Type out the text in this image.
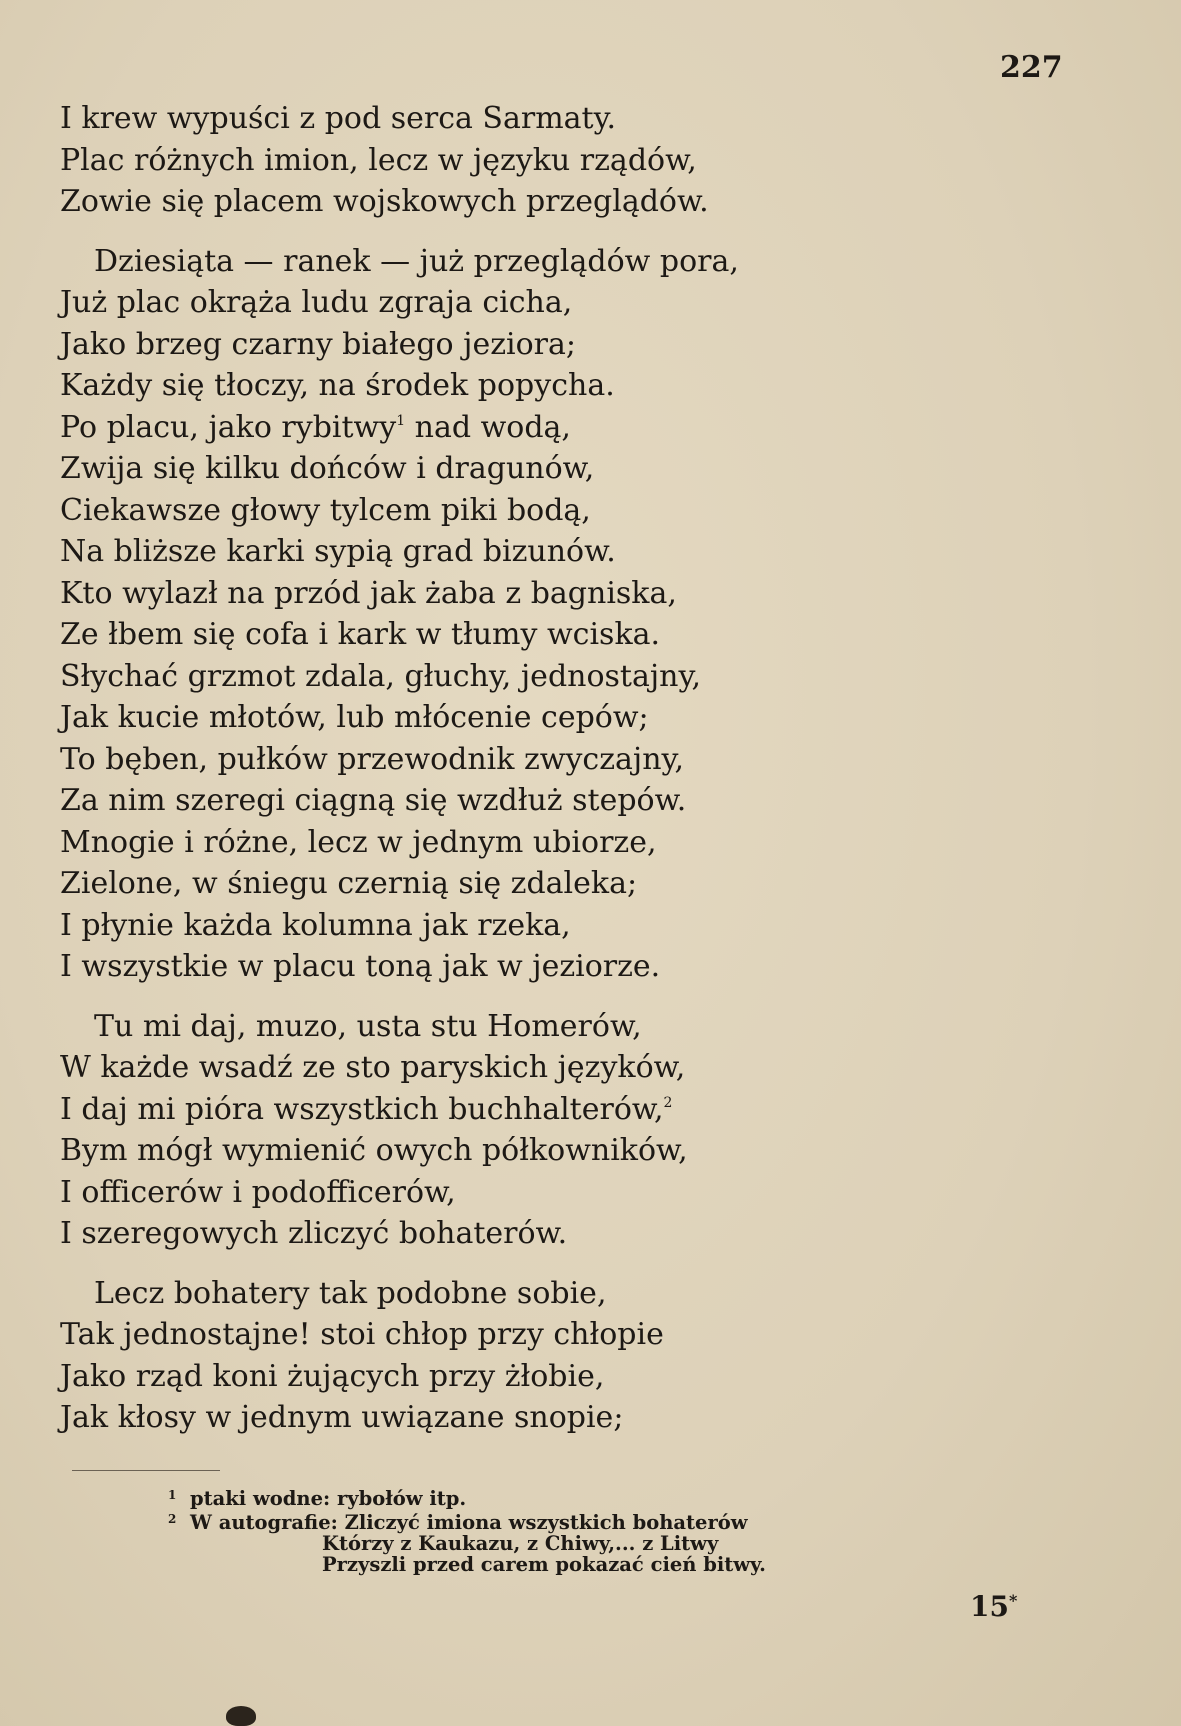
227
I krew wypuści z pod serca Sarmaty.
Plac różnych imion, lecz w języku rządów,
Zowie się placem wojskowych przeglądów.
Dziesiąta — ranek — już przeglądów pora,
Już plac okrąża ludu zgraja cicha,
Jako brzeg czarny białego jeziora;
Każdy się tłoczy, na środek popycha.
Po placu, jako rybitwy$^1$ nad wodą,
Zwija się kilku dońców i dragunów,
Ciekawsze głowy tylcem piki bodą,
Na bliższe karki sypią grad bizunów.
Kto wylazł na przód jak żaba z bagniska,
Ze łbem się cofa i kark w tłumy wciska.
Słychać grzmot zdala, głuchy, jednostajny,
Jak kucie młotów, lub młócenie cepów;
To bęben, pułków przewodnik zwyczajny,
Za nim szeregi ciągną się wzdłuż stepów.
Mnogie i różne, lecz w jednym ubiorze,
Zielone, w śniegu czernią się zdaleka;
I płynie każda kolumna jak rzeka,
I wszystkie w placu toną jak w jeziorze.
Tu mi daj, muzo, usta stu Homerów,
W każde wsadź ze sto paryskich języków,
I daj mi pióra wszystkich buchhalterów,$^2$
Bym mógł wymienić owych półkowników,
I officerów i podofficerów,
I szeregowych zliczyć bohaterów.
Lecz bohatery tak podobne sobie,
Tak jednostajne! stoi chłop przy chłopie
Jako rząd koni żujących przy żłobie,
Jak kłosy w jednym uwiązane snopie;
1 ptaki wodne: rybołów itp.
2 W autografie: Zliczyć imiona wszystkich bohaterów
Którzy z Kaukazu, z Chiwy,... z Litwy
Przyszli przed carem pokazać cień bitwy.
15*
